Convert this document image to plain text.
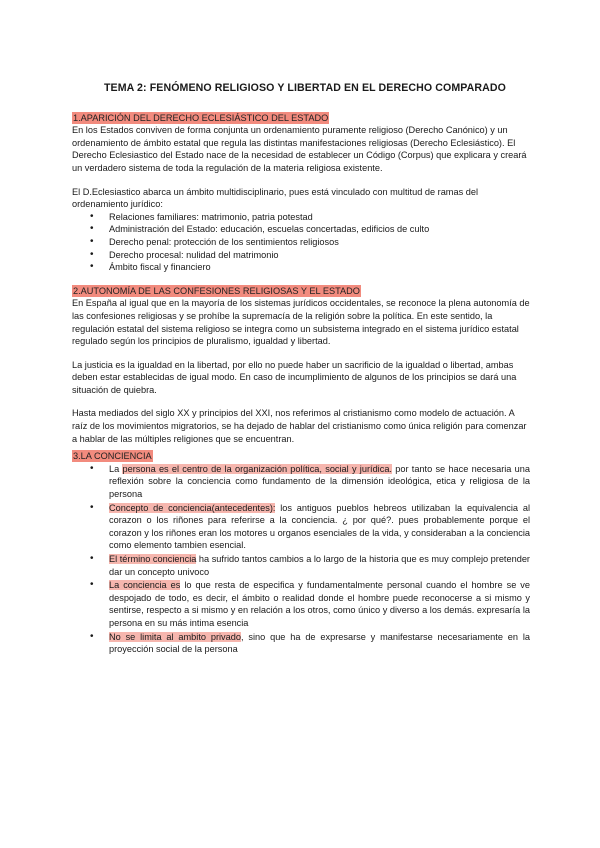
TEMA 2: FENÓMENO RELIGIOSO Y LIBERTAD EN EL DERECHO COMPARADO
1.APARICIÓN DEL DERECHO ECLESIÁSTICO DEL ESTADO

En los Estados conviven de forma conjunta un ordenamiento puramente religioso (Derecho Canónico) y un ordenamiento de ámbito estatal que regula las distintas manifestaciones religiosas (Derecho Eclesiástico). El Derecho Eclesiastico del Estado nace de la necesidad de establecer un Código (Corpus) que explicara y creará un verdadero sistema de toda la regulación de la materia religiosa existente.

El D.Eclesiastico abarca un ámbito multidisciplinario, pues está vinculado con multitud de ramas del ordenamiento jurídico:

• Relaciones familiares: matrimonio, patria potestad
• Administración del Estado: educación, escuelas concertadas, edificios de culto
• Derecho penal: protección de los sentimientos religiosos
• Derecho procesal: nulidad del matrimonio
• Ámbito fiscal y financiero
2.AUTONOMÍA DE LAS CONFESIONES RELIGIOSAS Y EL ESTADO

En España al igual que en la mayoría de los sistemas jurídicos occidentales, se reconoce la plena autonomía de las confesiones religiosas y se prohíbe la supremacía de la religión sobre la política. En este sentido, la regulación estatal del sistema religioso se integra como un subsistema integrado en el sistema jurídico estatal regulado según los principios de pluralismo, igualdad y libertad.

La justicia es la igualdad en la libertad, por ello no puede haber un sacrificio de la igualdad o libertad, ambas deben estar establecidas de igual modo. En caso de incumplimiento de algunos de los principios se dará una situación de quiebra.

Hasta mediados del siglo XX y principios del XXI, nos referimos al cristianismo como modelo de actuación. A raíz de los movimientos migratorios, se ha dejado de hablar del cristianismo como única religión para comenzar a hablar de las múltiples religiones que se encuentran.

3.LA CONCIENCIA
• La persona es el centro de la organización política, social y jurídica. por tanto se hace necesaria una reflexión sobre la conciencia como fundamento de la dimensión ideológica, etica y religiosa de la persona
• Concepto de conciencia(antecedentes): los antiguos pueblos hebreos utilizaban la equivalencia al corazon o los riñones para referirse a la conciencia. ¿ por qué?. pues probablemente porque el corazon y los riñones eran los motores u organos esenciales de la vida, y consideraban a la conciencia como elemento tambien esencial.
• El término conciencia ha sufrido tantos cambios a lo largo de la historia que es muy complejo pretender dar un concepto univoco
• La conciencia es lo que resta de especifica y fundamentalmente personal cuando el hombre se ve despojado de todo, es decir, el ámbito o realidad donde el hombre puede reconocerse a si mismo y sentirse, respecto a si mismo y en relación a los otros, como único y diverso a los demás. expresaría la persona en su más intima esencia
• No se limita al ambito privado, sino que ha de expresarse y manifestarse necesariamente en la proyección social de la persona
